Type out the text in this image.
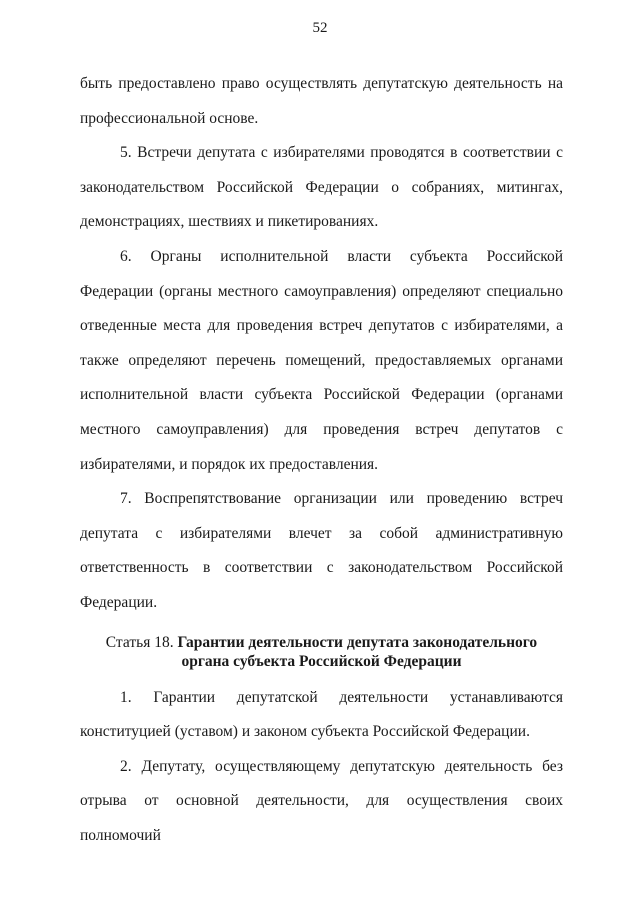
52

быть предоставлено право осуществлять депутатскую деятельность на профессиональной основе.

5. Встречи депутата с избирателями проводятся в соответствии с законодательством Российской Федерации о собраниях, митингах, демонстрациях, шествиях и пикетированиях.

6. Органы исполнительной власти субъекта Российской Федерации (органы местного самоуправления) определяют специально отведенные места для проведения встреч депутатов с избирателями, а также определяют перечень помещений, предоставляемых органами исполнительной власти субъекта Российской Федерации (органами местного самоуправления) для проведения встреч депутатов с избирателями, и порядок их предоставления.

7. Воспрепятствование организации или проведению встреч депутата с избирателями влечет за собой административную ответственность в соответствии с законодательством Российской Федерации.

Статья 18. Гарантии деятельности депутата законодательного
органа субъекта Российской Федерации

1. Гарантии депутатской деятельности устанавливаются конституцией (уставом) и законом субъекта Российской Федерации.

2. Депутату, осуществляющему депутатскую деятельность без отрыва от основной деятельности, для осуществления своих полномочий
